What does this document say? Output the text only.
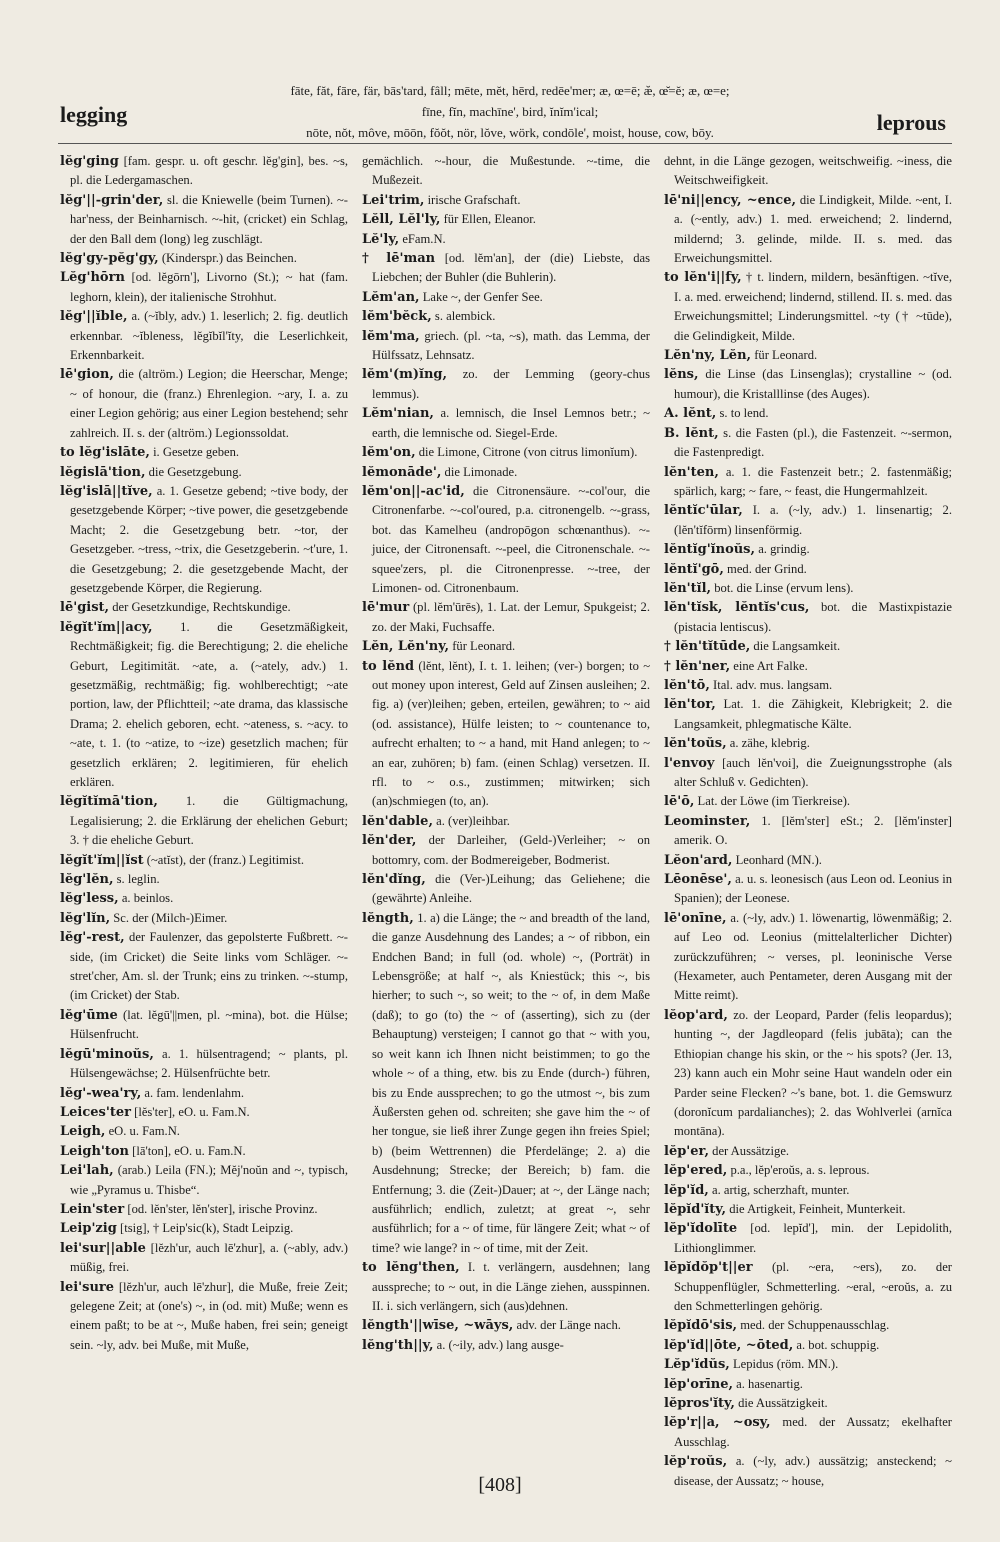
legging
fāte, făt, fāre, fär, bās'tard, fâll; mēte, mĕt, hērd, redēe'mer; æ, œ=ē; æ̆, œ̆=ĕ; æ, œ=e;
fīne, fĭn, machīne', bird, ĭnĭm'ical;
nōte, nŏt, môve, mōōn, fŏŏt, nör, lŏve, wörk, condōle', moist, house, cow, bōy.	leprous

lĕg'ging [fam. gespr. u. oft geschr. lĕg'gin], bes. ~s, pl. die Ledergamaschen.

lĕg'||-grin'der, sl. die Kniewelle (beim Turnen). ~-har'ness, der Beinharnisch. ~-hit, (cricket) ein Schlag, der den Ball dem (long) leg zuschlägt.

lĕg'gy-pĕg'gy, (Kinderspr.) das Beinchen.

Lĕg'hōrn [od. lĕgōrn'], Livorno (St.); ~ hat (fam. leghorn, klein), der italienische Strohhut.

lĕg'||ĭble, a. (~ĭbly, adv.) 1. leserlich; 2. fig. deutlich erkennbar. ~ĭbleness, lĕgĭbĭl'ĭty, die Leserlichkeit, Erkennbarkeit.

lē'gion, die (altröm.) Legion; die Heerschar, Menge; ~ of honour, die (franz.) Ehrenlegion. ~ary, I. a. zu einer Legion gehörig; aus einer Legion bestehend; sehr zahlreich. II. s. der (altröm.) Legionssoldat.

to lĕg'islāte, i. Gesetze geben.

lĕgislā'tion, die Gesetzgebung.

lĕg'islā||tĭve, a. 1. Gesetze gebend; ~tive body, der gesetzgebende Körper; ~tive power, die gesetzgebende Macht; 2. die Gesetzgebung betr. ~tor, der Gesetzgeber. ~tress, ~trix, die Gesetzgeberin. ~t'ure, 1. die Gesetzgebung; 2. die gesetzgebende Macht, der gesetzgebende Körper, die Regierung.

lē'gist, der Gesetzkundige, Rechtskundige.

lĕgĭt'ĭm||acy, 1. die Gesetzmäßigkeit, Rechtmäßigkeit; fig. die Berechtigung; 2. die eheliche Geburt, Legitimität. ~ate, a. (~ately, adv.) 1. gesetzmäßig, rechtmäßig; fig. wohlberechtigt; ~ate portion, law, der Pflichtteil; ~ate drama, das klassische Drama; 2. ehelich geboren, echt. ~ateness, s. ~acy. to ~ate, t. 1. (to ~atize, to ~ize) gesetzlich machen; für gesetzlich erklären; 2. legitimieren, für ehelich erklären.

lĕgĭtĭmā'tion, 1. die Gültigmachung, Legalisierung; 2. die Erklärung der ehelichen Geburt; 3. † die eheliche Geburt.

lĕgĭt'ĭm||ĭst (~atĭst), der (franz.) Legitimist.

lĕg'lĕn, s. leglin.

lĕg'less, a. beinlos.

lĕg'lĭn, Sc. der (Milch-)Eimer.

lĕg'-rest, der Faulenzer, das gepolsterte Fußbrett. ~-side, (im Cricket) die Seite links vom Schläger. ~-stret'cher, Am. sl. der Trunk; eins zu trinken. ~-stump, (im Cricket) der Stab.

lĕg'ūme (lat. lĕgū'||men, pl. ~mina), bot. die Hülse; Hülsenfrucht.

lĕgū'minoŭs, a. 1. hülsentragend; ~ plants, pl. Hülsengewächse; 2. Hülsenfrüchte betr.

lĕg'-wea'ry, a. fam. lendenlahm.

Leices'ter [lĕs'ter], eO. u. Fam.N.

Leigh, eO. u. Fam.N.

Leigh'ton [lā'ton], eO. u. Fam.N.

Lei'lah, (arab.) Leila (FN.); Mĕj'noŭn and ~, typisch, wie „Pyramus u. Thisbe“.

Lein'ster [od. lĕn'ster, lĕn'ster], irische Provinz.

Leip'zig [tsig], † Leip'sic(k), Stadt Leipzig.

lei'sur||able [lĕzh'ur, auch lē'zhur], a. (~ably, adv.) müßig, frei.

lei'sure [lĕzh'ur, auch lē'zhur], die Muße, freie Zeit; gelegene Zeit; at (one's) ~, in (od. mit) Muße; wenn es einem paßt; to be at ~, Muße haben, frei sein; geneigt sein. ~ly, adv. bei Muße, mit Muße,

gemächlich. ~-hour, die Mußestunde. ~-time, die Mußezeit.

Lei'trim, irische Grafschaft.

Lĕll, Lĕl'ly, für Ellen, Eleanor.

Lĕ'ly, eFam.N.

† lē'man [od. lĕm'an], der (die) Liebste, das Liebchen; der Buhler (die Buhlerin).

Lĕm'an, Lake ~, der Genfer See.

lĕm'bĕck, s. alembick.

lĕm'ma, griech. (pl. ~ta, ~s), math. das Lemma, der Hülfssatz, Lehnsatz.

lĕm'(m)ĭng, zo. der Lemming (geory-chus lemmus).

Lĕm'nian, a. lemnisch, die Insel Lemnos betr.; ~ earth, die lemnische od. Siegel-Erde.

lĕm'on, die Limone, Citrone (von citrus limonĭum).

lĕmonāde', die Limonade.

lĕm'on||-ac'id, die Citronensäure. ~-col'our, die Citronenfarbe. ~-col'oured, p.a. citronengelb. ~-grass, bot. das Kamelheu (andropōgon schœnanthus). ~-juice, der Citronensaft. ~-peel, die Citronenschale. ~-squee'zers, pl. die Citronenpresse. ~-tree, der Limonen- od. Citronenbaum.

lē'mur (pl. lĕm'ūrēs), 1. Lat. der Lemur, Spukgeist; 2. zo. der Maki, Fuchsaffe.

Lĕn, Lĕn'ny, für Leonard.

to lĕnd (lĕnt, lĕnt), I. t. 1. leihen; (ver-) borgen; to ~ out money upon interest, Geld auf Zinsen ausleihen; 2. fig. a) (ver)leihen; geben, erteilen, gewähren; to ~ aid (od. assistance), Hülfe leisten; to ~ countenance to, aufrecht erhalten; to ~ a hand, mit Hand anlegen; to ~ an ear, zuhören; b) fam. (einen Schlag) versetzen. II. rfl. to ~ o.s., zustimmen; mitwirken; sich (an)schmiegen (to, an).

lĕn'dable, a. (ver)leihbar.

lĕn'der, der Darleiher, (Geld-)Verleiher; ~ on bottomry, com. der Bodmereigeber, Bodmerist.

lĕn'dĭng, die (Ver-)Leihung; das Geliehene; die (gewährte) Anleihe.

lĕngth, 1. a) die Länge; the ~ and breadth of the land, die ganze Ausdehnung des Landes; a ~ of ribbon, ein Endchen Band; in full (od. whole) ~, (Porträt) in Lebensgröße; at half ~, als Kniestück; this ~, bis hierher; to such ~, so weit; to the ~ of, in dem Maße (daß); to go (to) the ~ of (asserting), sich zu (der Behauptung) versteigen; I cannot go that ~ with you, so weit kann ich Ihnen nicht beistimmen; to go the whole ~ of a thing, etw. bis zu Ende (durch-) führen, bis zu Ende aussprechen; to go the utmost ~, bis zum Äußersten gehen od. schreiten; she gave him the ~ of her tongue, sie ließ ihrer Zunge gegen ihn freies Spiel; b) (beim Wettrennen) die Pferdelänge; 2. a) die Ausdehnung; Strecke; der Bereich; b) fam. die Entfernung; 3. die (Zeit-)Dauer; at ~, der Länge nach; ausführlich; endlich, zuletzt; at great ~, sehr ausführlich; for a ~ of time, für längere Zeit; what ~ of time? wie lange? in ~ of time, mit der Zeit.

to lĕng'then, I. t. verlängern, ausdehnen; lang ausspreche; to ~ out, in die Länge ziehen, ausspinnen. II. i. sich verlängern, sich (aus)dehnen.

lĕngth'||wīse, ~wāys, adv. der Länge nach.

lĕng'th||y, a. (~ily, adv.) lang ausge-

dehnt, in die Länge gezogen, weitschweifig. ~iness, die Weitschweifigkeit.

lē'ni||ency, ~ence, die Lindigkeit, Milde. ~ent, I. a. (~ently, adv.) 1. med. erweichend; 2. lindernd, mildernd; 3. gelinde, milde. II. s. med. das Erweichungsmittel.

to lĕn'i||fy, † t. lindern, mildern, besänftigen. ~tĭve, I. a. med. erweichend; lindernd, stillend. II. s. med. das Erweichungsmittel; Linderungsmittel. ~ty († ~tūde), die Gelindigkeit, Milde.

Lĕn'ny, Lĕn, für Leonard.

lĕns, die Linse (das Linsenglas); crystalline ~ (od. humour), die Kristalllinse (des Auges).

A. lĕnt, s. to lend.

B. lĕnt, s. die Fasten (pl.), die Fastenzeit. ~-sermon, die Fastenpredigt.

lĕn'ten, a. 1. die Fastenzeit betr.; 2. fastenmäßig; spärlich, karg; ~ fare, ~ feast, die Hungermahlzeit.

lĕntĭc'ūlar, I. a. (~ly, adv.) 1. linsenartig; 2. (lĕn'tĭfōrm) linsenförmig.

lĕntĭg'ĭnoŭs, a. grindig.

lĕntĭ'gō, med. der Grind.

lĕn'tĭl, bot. die Linse (ervum lens).

lĕn'tĭsk, lĕntĭs'cus, bot. die Mastixpistazie (pistacia lentiscus).

† lĕn'tĭtūde, die Langsamkeit.

† lĕn'ner, eine Art Falke.

lĕn'tō, Ital. adv. mus. langsam.

lĕn'tor, Lat. 1. die Zähigkeit, Klebrigkeit; 2. die Langsamkeit, phlegmatische Kälte.

lĕn'toŭs, a. zähe, klebrig.

l'envoy [auch lĕn'voi], die Zueignungsstrophe (als alter Schluß v. Gedichten).

lē'ō, Lat. der Löwe (im Tierkreise).

Leominster, 1. [lĕm'ster] eSt.; 2. [lĕm'inster] amerik. O.

Lĕon'ard, Leonhard (MN.).

Lēonēse', a. u. s. leonesisch (aus Leon od. Leonius in Spanien); der Leonese.

lē'onīne, a. (~ly, adv.) 1. löwenartig, löwenmäßig; 2. auf Leo od. Leonius (mittelalterlicher Dichter) zurückzuführen; ~ verses, pl. leoninische Verse (Hexameter, auch Pentameter, deren Ausgang mit der Mitte reimt).

lĕop'ard, zo. der Leopard, Parder (felis leopardus); hunting ~, der Jagdleopard (felis jubāta); can the Ethiopian change his skin, or the ~ his spots? (Jer. 13, 23) kann auch ein Mohr seine Haut wandeln oder ein Parder seine Flecken? ~'s bane, bot. 1. die Gemswurz (doronĭcum pardalianches); 2. das Wohlverlei (arnĭca montāna).

lĕp'er, der Aussätzige.

lĕp'ered, p.a., lĕp'eroŭs, a. s. leprous.

lĕp'ĭd, a. artig, scherzhaft, munter.

lĕpĭd'ĭty, die Artigkeit, Feinheit, Munterkeit.

lĕp'ĭdolīte [od. lepĭd'], min. der Lepidolith, Lithionglimmer.

lĕpĭdŏp't||er (pl. ~era, ~ers), zo. der Schuppenflügler, Schmetterling. ~eral, ~eroŭs, a. zu den Schmetterlingen gehörig.

lĕpĭdō'sis, med. der Schuppenausschlag.

lĕp'ĭd||ōte, ~ōted, a. bot. schuppig.

Lĕp'ĭdŭs, Lepidus (röm. MN.).

lĕp'orīne, a. hasenartig.

lĕpros'ĭty, die Aussätzigkeit.

lĕp'r||a, ~osy, med. der Aussatz; ekelhafter Ausschlag.

lĕp'roŭs, a. (~ly, adv.) aussätzig; ansteckend; ~ disease, der Aussatz; ~ house,

[408]
